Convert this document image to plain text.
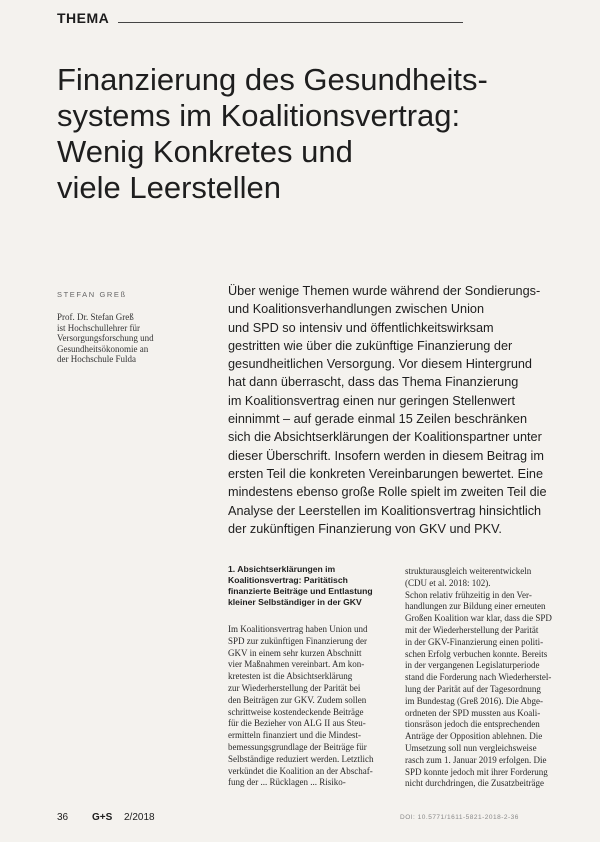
THEMA
Finanzierung des Gesundheits-
systems im Koalitionsvertrag:
Wenig Konkretes und
viele Leerstellen
STEFAN GREß
Prof. Dr. Stefan Greß
ist Hochschullehrer für
Versorgungsforschung und
Gesundheitsökonomie an
der Hochschule Fulda
Über wenige Themen wurde während der Sondierungs-
und Koalitionsverhandlungen zwischen Union
und SPD so intensiv und öffentlichkeitswirksam
gestritten wie über die zukünftige Finanzierung der
gesundheitlichen Versorgung. Vor diesem Hintergrund
hat dann überrascht, dass das Thema Finanzierung
im Koalitionsvertrag einen nur geringen Stellenwert
einnimmt – auf gerade einmal 15 Zeilen beschränken
sich die Absichtserklärungen der Koalitionspartner unter
dieser Überschrift. Insofern werden in diesem Beitrag im
ersten Teil die konkreten Vereinbarungen bewertet. Eine
mindestens ebenso große Rolle spielt im zweiten Teil die
Analyse der Leerstellen im Koalitionsvertrag hinsichtlich
der zukünftigen Finanzierung von GKV und PKV.
1. Absichtserklärungen im
Koalitionsvertrag: Paritätisch
finanzierte Beiträge und Entlastung
kleiner Selbständiger in der GKV
Im Koalitionsvertrag haben Union und
SPD zur zukünftigen Finanzierung der
GKV in einem sehr kurzen Abschnitt
vier Maßnahmen vereinbart. Am kon-
kretesten ist die Absichtserklärung
zur Wiederherstellung der Parität bei
den Beiträgen zur GKV. Zudem sollen
schrittweise kostendeckende Beiträge
für die Bezieher von ALG II aus Steu-
ermitteln finanziert und die Mindest-
bemessungsgrundlage der Beiträge für
Selbständige reduziert werden. Letztlich
verkündet die Koalition an der Abschaf-
fung der ... Rücklagen ... Risiko-
strukturausgleich weiterentwickeln
(CDU et al. 2018: 102).
Schon relativ frühzeitig in den Ver-
handlungen zur Bildung einer erneuten
Großen Koalition war klar, dass die SPD
mit der Wiederherstellung der Parität
in der GKV-Finanzierung einen politi-
schen Erfolg verbuchen konnte. Bereits
in der vergangenen Legislaturperiode
stand die Forderung nach Wiederherstel-
lung der Parität auf der Tagesordnung
im Bundestag (Greß 2016). Die Abge-
ordneten der SPD mussten aus Koali-
tionsräson jedoch die entsprechenden
Anträge der Opposition ablehnen. Die
Umsetzung soll nun vergleichsweise
rasch zum 1. Januar 2019 erfolgen. Die
SPD konnte jedoch mit ihrer Forderung
nicht durchdringen, die Zusatzbeiträge
36 G+S 2/2018	DOI: 10.5771/1611-5821-2018-2-36
